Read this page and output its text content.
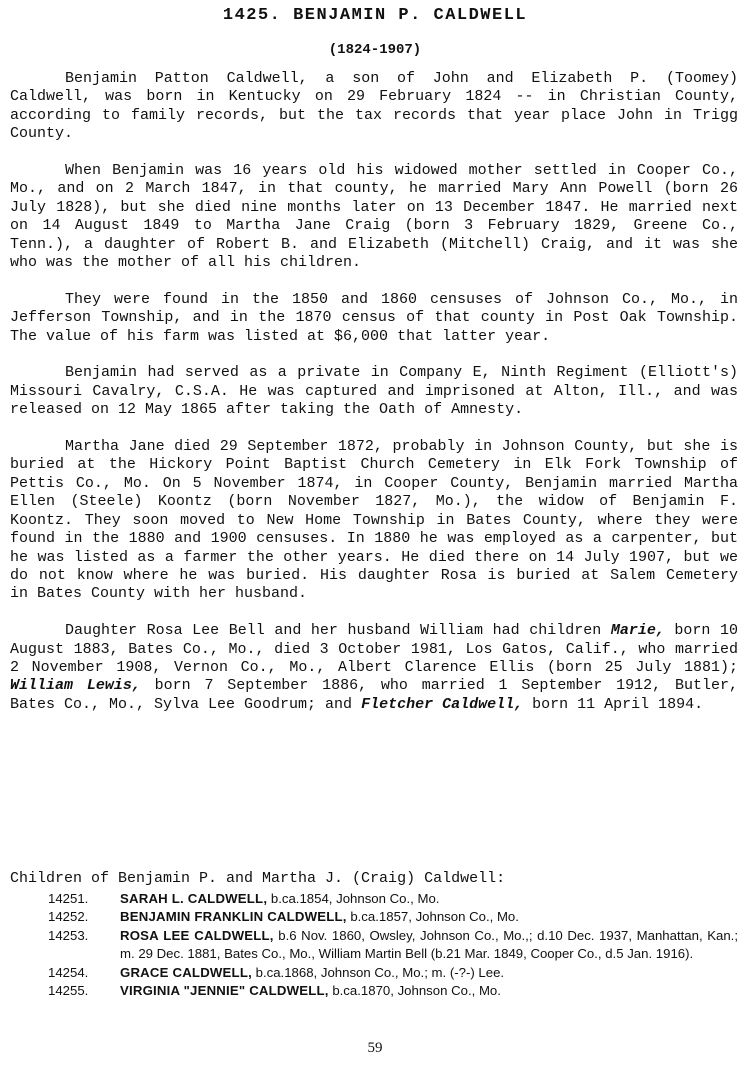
1425. BENJAMIN P. CALDWELL
(1824-1907)

Benjamin Patton Caldwell, a son of John and Elizabeth P. (Toomey) Caldwell, was born in Kentucky on 29 February 1824 -- in Christian County, according to family records, but the tax records that year place John in Trigg County.

When Benjamin was 16 years old his widowed mother settled in Cooper Co., Mo., and on 2 March 1847, in that county, he married Mary Ann Powell (born 26 July 1828), but she died nine months later on 13 December 1847. He married next on 14 August 1849 to Martha Jane Craig (born 3 February 1829, Greene Co., Tenn.), a daughter of Robert B. and Elizabeth (Mitchell) Craig, and it was she who was the mother of all his children.

They were found in the 1850 and 1860 censuses of Johnson Co., Mo., in Jefferson Township, and in the 1870 census of that county in Post Oak Township. The value of his farm was listed at $6,000 that latter year.

Benjamin had served as a private in Company E, Ninth Regiment (Elliott's) Missouri Cavalry, C.S.A. He was captured and imprisoned at Alton, Ill., and was released on 12 May 1865 after taking the Oath of Amnesty.

Martha Jane died 29 September 1872, probably in Johnson County, but she is buried at the Hickory Point Baptist Church Cemetery in Elk Fork Township of Pettis Co., Mo. On 5 November 1874, in Cooper County, Benjamin married Martha Ellen (Steele) Koontz (born November 1827, Mo.), the widow of Benjamin F. Koontz. They soon moved to New Home Township in Bates County, where they were found in the 1880 and 1900 censuses. In 1880 he was employed as a carpenter, but he was listed as a farmer the other years. He died there on 14 July 1907, but we do not know where he was buried. His daughter Rosa is buried at Salem Cemetery in Bates County with her husband.

Daughter Rosa Lee Bell and her husband William had children Marie, born 10 August 1883, Bates Co., Mo., died 3 October 1981, Los Gatos, Calif., who married 2 November 1908, Vernon Co., Mo., Albert Clarence Ellis (born 25 July 1881); William Lewis, born 7 September 1886, who married 1 September 1912, Butler, Bates Co., Mo., Sylva Lee Goodrum; and Fletcher Caldwell, born 11 April 1894.

Children of Benjamin P. and Martha J. (Craig) Caldwell:
14251.	SARAH L. CALDWELL, b.ca.1854, Johnson Co., Mo.
14252.	BENJAMIN FRANKLIN CALDWELL, b.ca.1857, Johnson Co., Mo.
14253.	ROSA LEE CALDWELL, b.6 Nov. 1860, Owsley, Johnson Co., Mo.,; d.10 Dec. 1937, Manhattan, Kan.; m. 29 Dec. 1881, Bates Co., Mo., William Martin Bell (b.21 Mar. 1849, Cooper Co., d.5 Jan. 1916).
14254.	GRACE CALDWELL, b.ca.1868, Johnson Co., Mo.; m. (-?-) Lee.
14255.	VIRGINIA "JENNIE" CALDWELL, b.ca.1870, Johnson Co., Mo.
59
